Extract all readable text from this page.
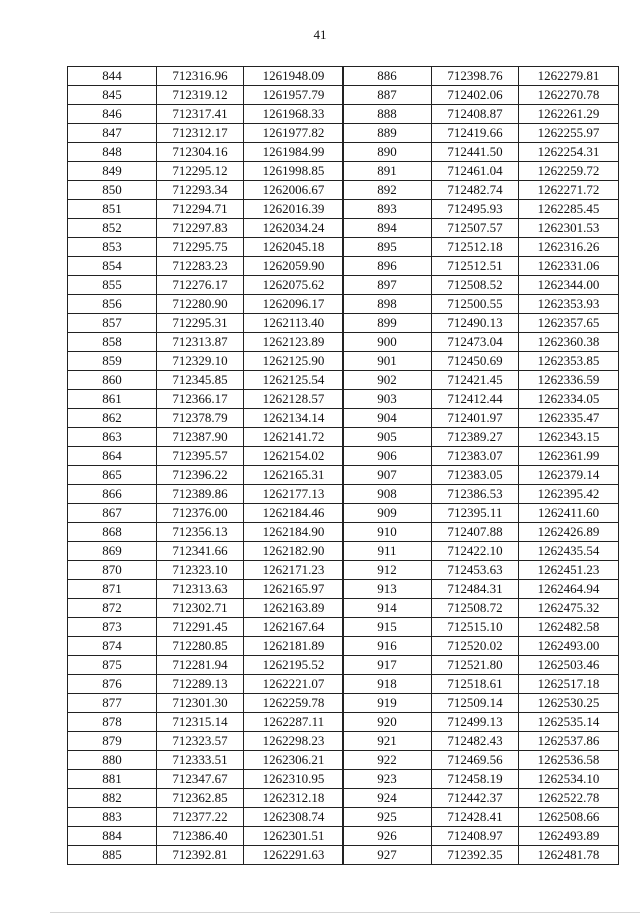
41
844	712316.96	1261948.09
845	712319.12	1261957.79
846	712317.41	1261968.33
847	712312.17	1261977.82
848	712304.16	1261984.99
849	712295.12	1261998.85
850	712293.34	1262006.67
851	712294.71	1262016.39
852	712297.83	1262034.24
853	712295.75	1262045.18
854	712283.23	1262059.90
855	712276.17	1262075.62
856	712280.90	1262096.17
857	712295.31	1262113.40
858	712313.87	1262123.89
859	712329.10	1262125.90
860	712345.85	1262125.54
861	712366.17	1262128.57
862	712378.79	1262134.14
863	712387.90	1262141.72
864	712395.57	1262154.02
865	712396.22	1262165.31
866	712389.86	1262177.13
867	712376.00	1262184.46
868	712356.13	1262184.90
869	712341.66	1262182.90
870	712323.10	1262171.23
871	712313.63	1262165.97
872	712302.71	1262163.89
873	712291.45	1262167.64
874	712280.85	1262181.89
875	712281.94	1262195.52
876	712289.13	1262221.07
877	712301.30	1262259.78
878	712315.14	1262287.11
879	712323.57	1262298.23
880	712333.51	1262306.21
881	712347.67	1262310.95
882	712362.85	1262312.18
883	712377.22	1262308.74
884	712386.40	1262301.51
885	712392.81	1262291.63
886	712398.76	1262279.81
887	712402.06	1262270.78
888	712408.87	1262261.29
889	712419.66	1262255.97
890	712441.50	1262254.31
891	712461.04	1262259.72
892	712482.74	1262271.72
893	712495.93	1262285.45
894	712507.57	1262301.53
895	712512.18	1262316.26
896	712512.51	1262331.06
897	712508.52	1262344.00
898	712500.55	1262353.93
899	712490.13	1262357.65
900	712473.04	1262360.38
901	712450.69	1262353.85
902	712421.45	1262336.59
903	712412.44	1262334.05
904	712401.97	1262335.47
905	712389.27	1262343.15
906	712383.07	1262361.99
907	712383.05	1262379.14
908	712386.53	1262395.42
909	712395.11	1262411.60
910	712407.88	1262426.89
911	712422.10	1262435.54
912	712453.63	1262451.23
913	712484.31	1262464.94
914	712508.72	1262475.32
915	712515.10	1262482.58
916	712520.02	1262493.00
917	712521.80	1262503.46
918	712518.61	1262517.18
919	712509.14	1262530.25
920	712499.13	1262535.14
921	712482.43	1262537.86
922	712469.56	1262536.58
923	712458.19	1262534.10
924	712442.37	1262522.78
925	712428.41	1262508.66
926	712408.97	1262493.89
927	712392.35	1262481.78
